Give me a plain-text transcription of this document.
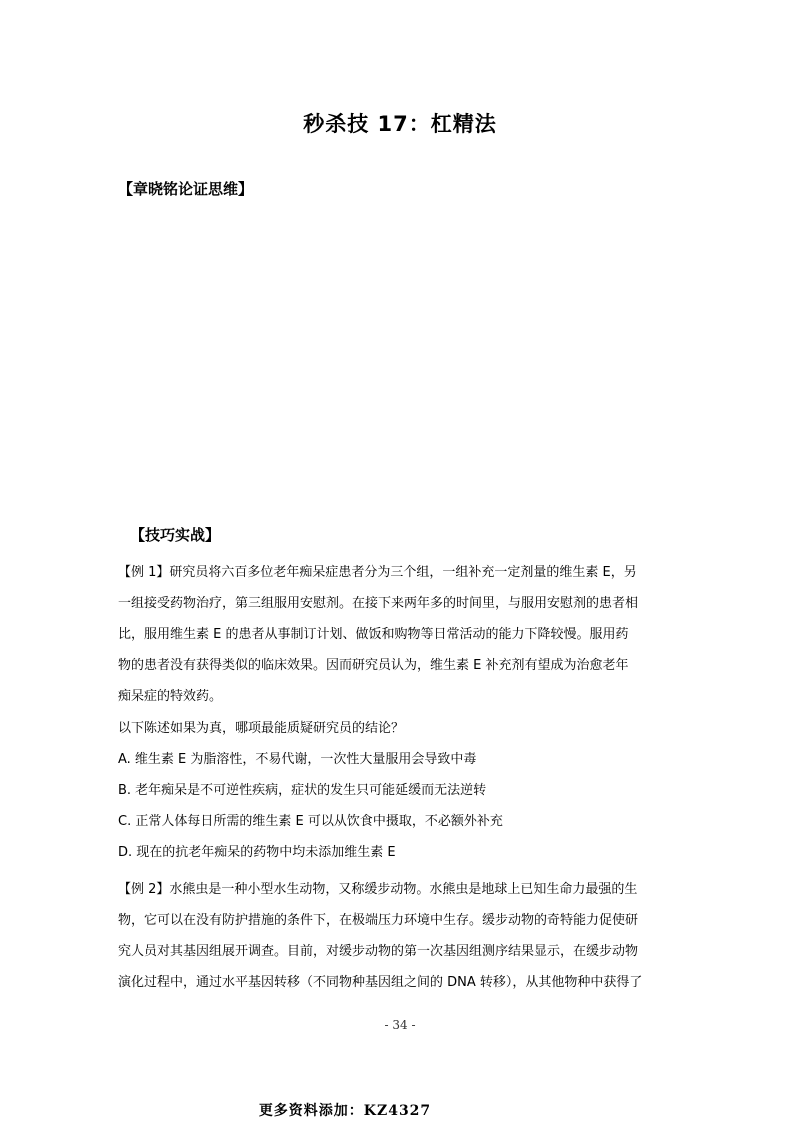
秒杀技 17：杠精法
【章晓铭论证思维】
【技巧实战】
【例 1】研究员将六百多位老年痴呆症患者分为三个组，一组补充一定剂量的维生素 E，另
一组接受药物治疗，第三组服用安慰剂。在接下来两年多的时间里，与服用安慰剂的患者相
比，服用维生素 E 的患者从事制订计划、做饭和购物等日常活动的能力下降较慢。服用药
物的患者没有获得类似的临床效果。因而研究员认为，维生素 E 补充剂有望成为治愈老年
痴呆症的特效药。
以下陈述如果为真，哪项最能质疑研究员的结论？
A. 维生素 E 为脂溶性，不易代谢，一次性大量服用会导致中毒
B. 老年痴呆是不可逆性疾病，症状的发生只可能延缓而无法逆转
C. 正常人体每日所需的维生素 E 可以从饮食中摄取，不必额外补充
D. 现在的抗老年痴呆的药物中均未添加维生素 E
【例 2】水熊虫是一种小型水生动物，又称缓步动物。水熊虫是地球上已知生命力最强的生
物，它可以在没有防护措施的条件下，在极端压力环境中生存。缓步动物的奇特能力促使研
究人员对其基因组展开调查。目前，对缓步动物的第一次基因组测序结果显示，在缓步动物
演化过程中，通过水平基因转移（不同物种基因组之间的 DNA 转移），从其他物种中获得了
- 34 -
更多资料添加：KZ4327
